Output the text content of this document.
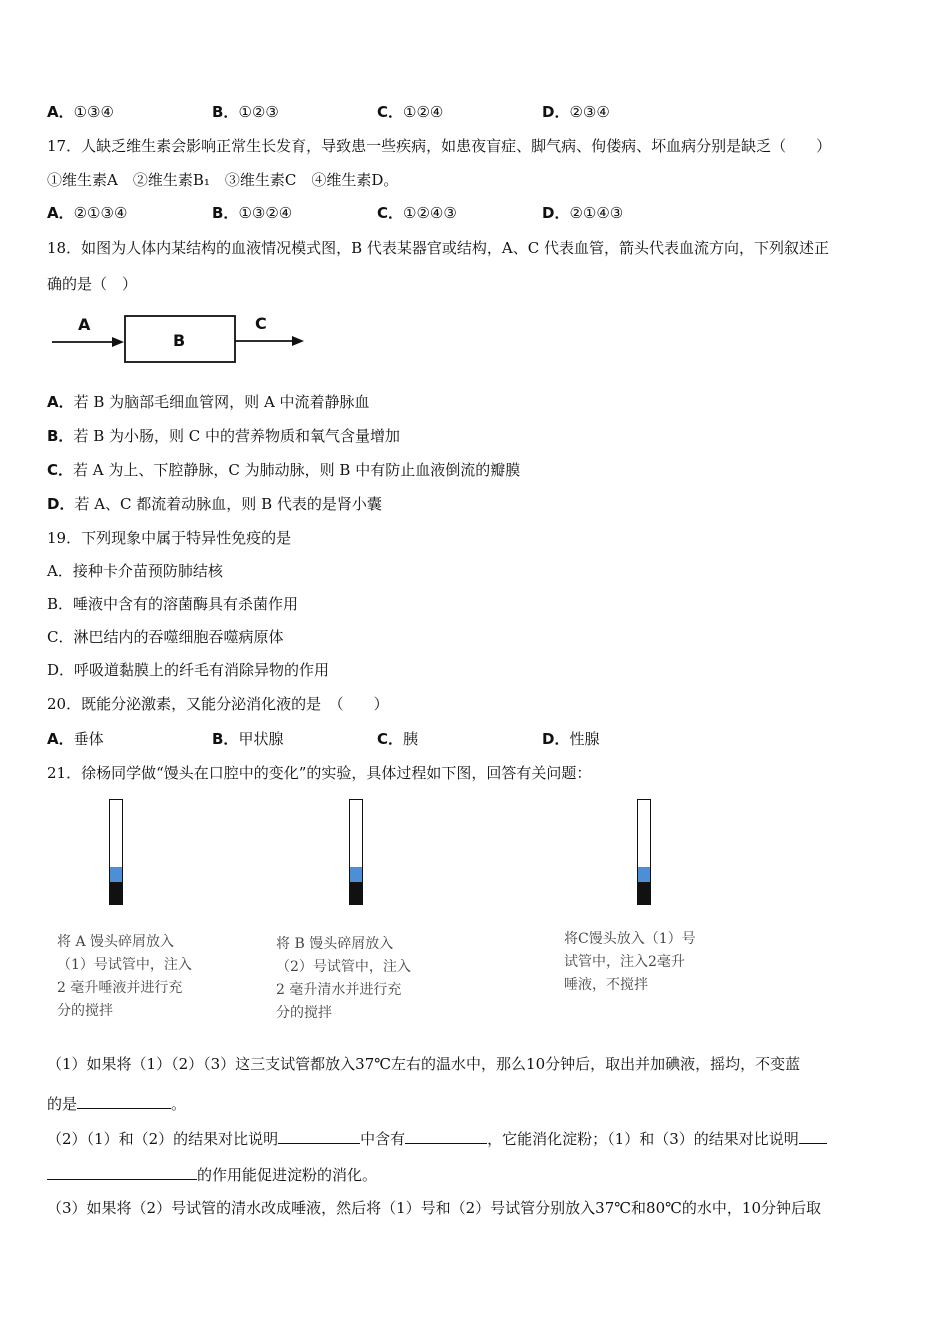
A．①③④	B．①②③	C．①②④	D．②③④
17．人缺乏维生素会影响正常生长发育，导致患一些疾病，如患夜盲症、脚气病、佝偻病、坏血病分别是缺乏（　　）
①维生素A　②维生素B₁　③维生素C　④维生素D。
A．②①③④	B．①③②④	C．①②④③	D．②①④③
18．如图为人体内某结构的血液情况模式图，B 代表某器官或结构，A、C 代表血管，箭头代表血流方向，下列叙述正
确的是（　）
A
B
C
A．若 B 为脑部毛细血管网，则 A 中流着静脉血
B．若 B 为小肠，则 C 中的营养物质和氧气含量增加
C．若 A 为上、下腔静脉，C 为肺动脉，则 B 中有防止血液倒流的瓣膜
D．若 A、C 都流着动脉血，则 B 代表的是肾小囊
19．下列现象中属于特异性免疫的是
A．接种卡介苗预防肺结核
B．唾液中含有的溶菌酶具有杀菌作用
C．淋巴结内的吞噬细胞吞噬病原体
D．呼吸道黏膜上的纤毛有消除异物的作用
20．既能分泌激素，又能分泌消化液的是　（　　）
A．垂体	B．甲状腺	C．胰	D．性腺
21．徐杨同学做“馒头在口腔中的变化”的实验，具体过程如下图，回答有关问题：
将 A 馒头碎屑放入
（1）号试管中，注入
2 毫升唾液并进行充
分的搅拌
将 B 馒头碎屑放入
（2）号试管中，注入
2 毫升清水并进行充
分的搅拌
将C馒头放入（1）号
试管中，注入2毫升
唾液，不搅拌
（1）如果将（1）（2）（3）这三支试管都放入37℃左右的温水中，那么10分钟后，取出并加碘液，摇均，不变蓝
的是	。
（2）（1）和（2）的结果对比说明	中含有	，它能消化淀粉；（1）和（3）的结果对比说明
的作用能促进淀粉的消化。
（3）如果将（2）号试管的清水改成唾液，然后将（1）号和（2）号试管分别放入37℃和80℃的水中，10分钟后取
